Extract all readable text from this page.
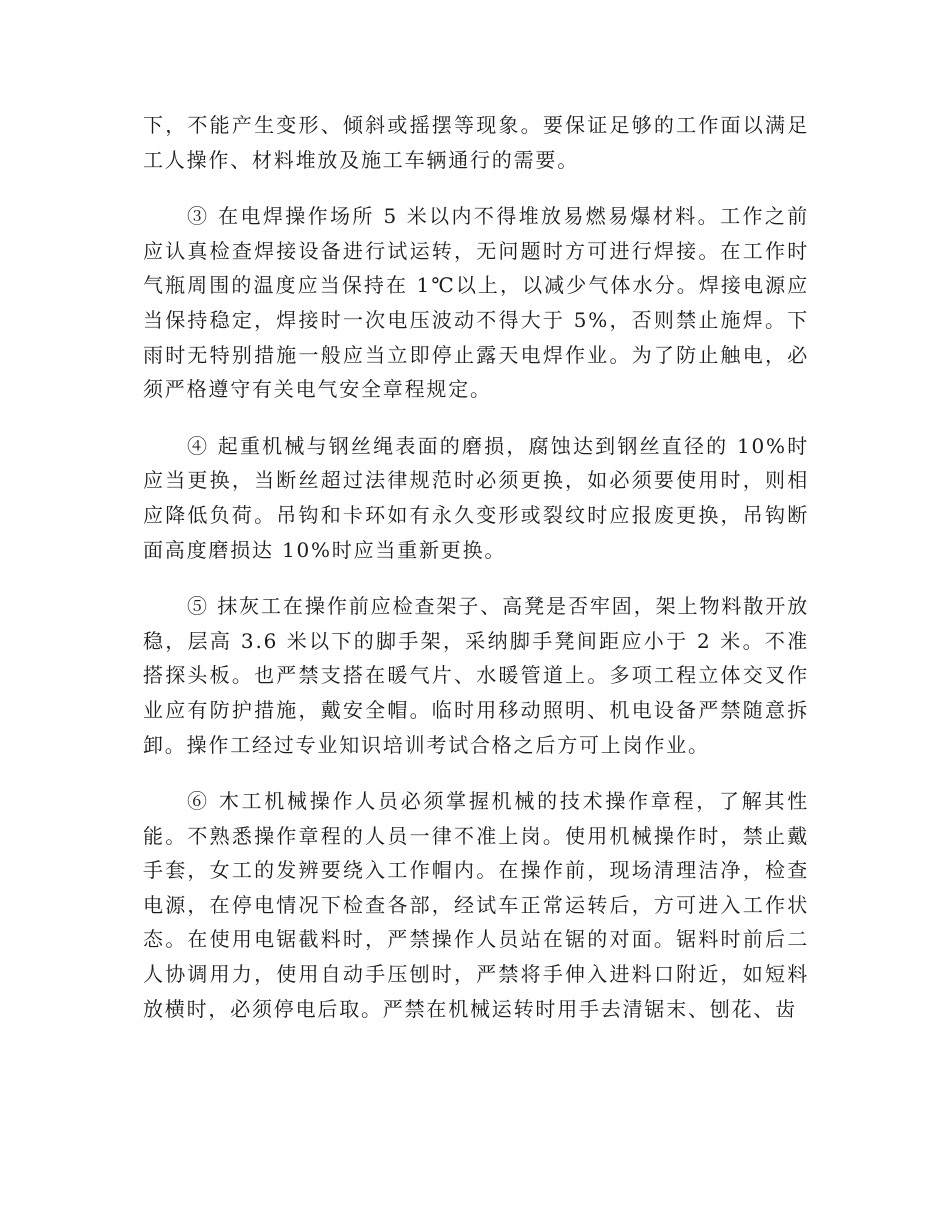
下，不能产生变形、倾斜或摇摆等现象。要保证足够的工作面以满足工人操作、材料堆放及施工车辆通行的需要。

③ 在电焊操作场所 5 米以内不得堆放易燃易爆材料。工作之前应认真检查焊接设备进行试运转，无问题时方可进行焊接。在工作时气瓶周围的温度应当保持在 1℃以上，以减少气体水分。焊接电源应当保持稳定，焊接时一次电压波动不得大于 5%，否则禁止施焊。下雨时无特别措施一般应当立即停止露天电焊作业。为了防止触电，必须严格遵守有关电气安全章程规定。

④ 起重机械与钢丝绳表面的磨损，腐蚀达到钢丝直径的 10%时应当更换，当断丝超过法律规范时必须更换，如必须要使用时，则相应降低负荷。吊钩和卡环如有永久变形或裂纹时应报废更换，吊钩断面高度磨损达 10%时应当重新更换。

⑤ 抹灰工在操作前应检查架子、高凳是否牢固，架上物料散开放稳，层高 3.6 米以下的脚手架，采纳脚手凳间距应小于 2 米。不准搭探头板。也严禁支搭在暖气片、水暖管道上。多项工程立体交叉作业应有防护措施，戴安全帽。临时用移动照明、机电设备严禁随意拆卸。操作工经过专业知识培训考试合格之后方可上岗作业。

⑥ 木工机械操作人员必须掌握机械的技术操作章程，了解其性能。不熟悉操作章程的人员一律不准上岗。使用机械操作时，禁止戴手套，女工的发辨要绕入工作帽内。在操作前，现场清理洁净，检查电源，在停电情况下检查各部，经试车正常运转后，方可进入工作状态。在使用电锯截料时，严禁操作人员站在锯的对面。锯料时前后二人协调用力，使用自动手压刨时，严禁将手伸入进料口附近，如短料放横时，必须停电后取。严禁在机械运转时用手去清锯末、刨花、齿
